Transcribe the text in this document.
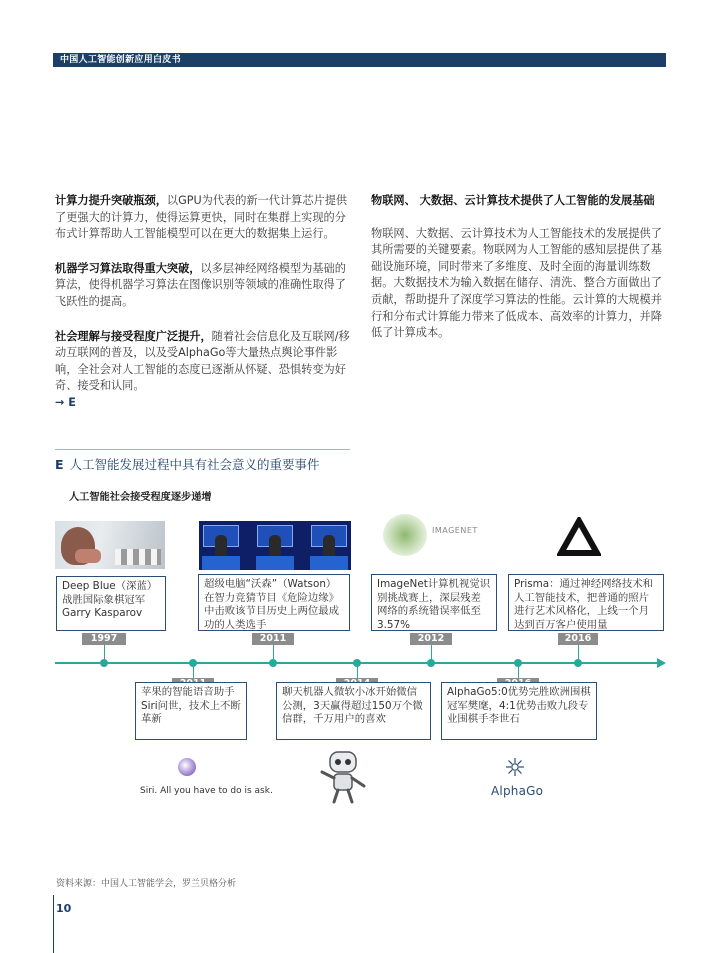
中国人工智能创新应用白皮书

计算力提升突破瓶颈，以GPU为代表的新一代计算芯片提供了更强大的计算力，使得运算更快，同时在集群上实现的分布式计算帮助人工智能模型可以在更大的数据集上运行。

机器学习算法取得重大突破，以多层神经网络模型为基础的算法，使得机器学习算法在图像识别等领域的准确性取得了飞跃性的提高。

社会理解与接受程度广泛提升，随着社会信息化及互联网/移动互联网的普及，以及受AlphaGo等大量热点舆论事件影响，全社会对人工智能的态度已逐渐从怀疑、恐惧转变为好奇、接受和认同。

→ E

物联网、 大数据、云计算技术提供了人工智能的发展基础

物联网、大数据、云计算技术为人工智能技术的发展提供了其所需要的关键要素。物联网为人工智能的感知层提供了基础设施环境，同时带来了多维度、及时全面的海量训练数据。大数据技术为输入数据在储存、清洗、整合方面做出了贡献，帮助提升了深度学习算法的性能。云计算的大规模并行和分布式计算能力带来了低成本、高效率的计算力，并降低了计算成本。

E 人工智能发展过程中具有社会意义的重要事件
人工智能社会接受程度逐步递增
IMAGENET
Deep Blue（深蓝）战胜国际象棋冠军Garry Kasparov
超级电脑“沃森”（Watson）在智力竞猜节目《危险边缘》中击败该节目历史上两位最成功的人类选手
ImageNet计算机视觉识别挑战赛上，深层残差网络的系统错误率低至3.57%
Prisma：通过神经网络技术和人工智能技术，把普通的照片进行艺术风格化，上线一个月达到百万客户使用量
1997	2011	2012	2016
苹果的智能语音助手Siri问世，技术上不断革新
聊天机器人微软小冰开始微信公测，3天赢得超过150万个微信群，千万用户的喜欢
AlphaGo5:0优势完胜欧洲围棋冠军樊麾，4:1优势击败九段专业围棋手李世石
Siri. All you have to do is ask.	AlphaGo
资料来源：中国人工智能学会，罗兰贝格分析
10
